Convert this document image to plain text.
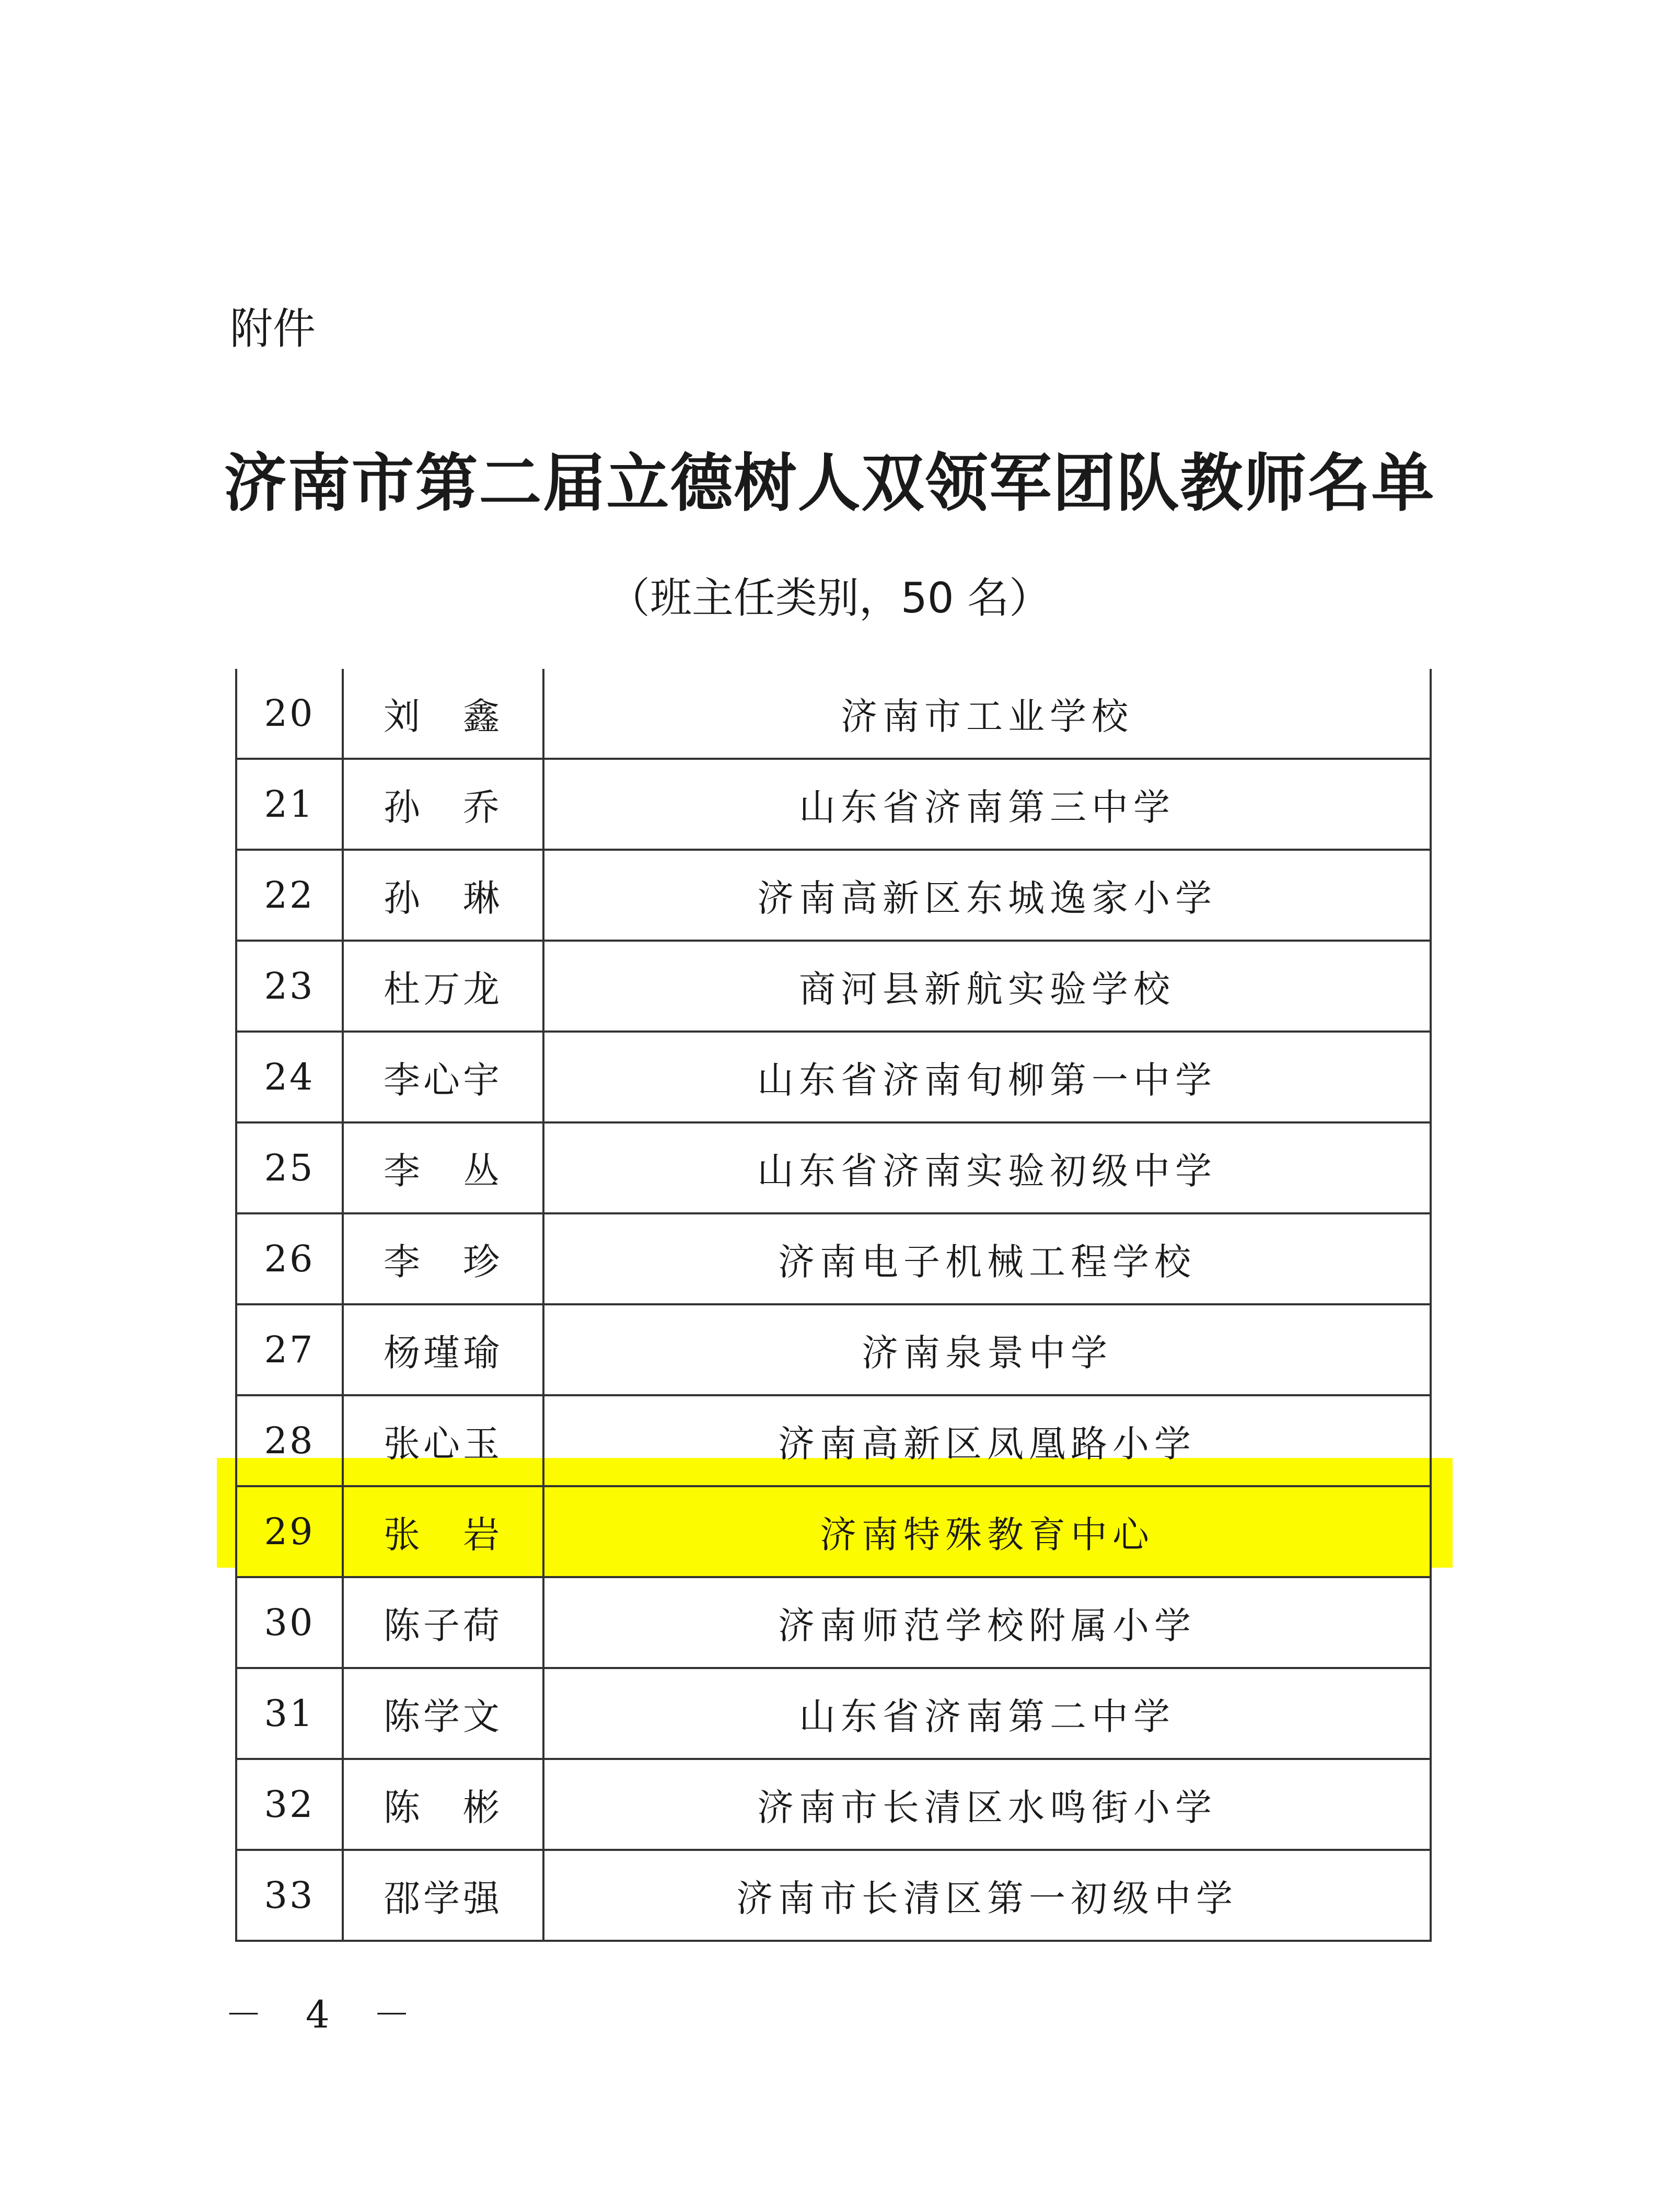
附件
济南市第二届立德树人双领军团队教师名单
（班主任类别，50 名）
20	刘　鑫	济南市工业学校
21	孙　乔	山东省济南第三中学
22	孙　琳	济南高新区东城逸家小学
23	杜万龙	商河县新航实验学校
24	李心宇	山东省济南旬柳第一中学
25	李　丛	山东省济南实验初级中学
26	李　珍	济南电子机械工程学校
27	杨瑾瑜	济南泉景中学
28	张心玉	济南高新区凤凰路小学
29	张　岩	济南特殊教育中心
30	陈子荷	济南师范学校附属小学
31	陈学文	山东省济南第二中学
32	陈　彬	济南市长清区水鸣街小学
33	邵学强	济南市长清区第一初级中学
－ 4 －
